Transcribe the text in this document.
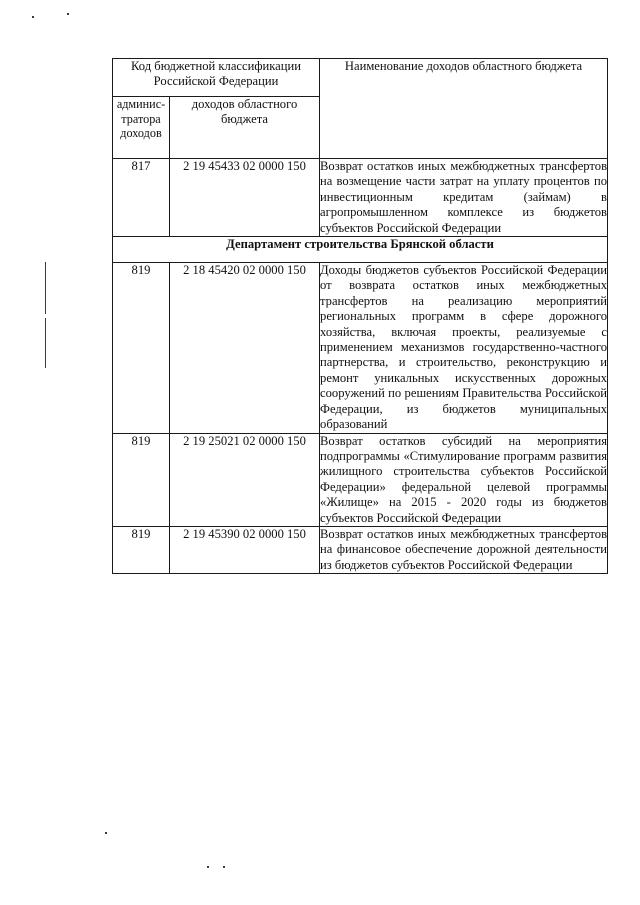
Код бюджетной классификации Российской Федерации		Наименование доходов областного бюджета
админис-тратора доходов	доходов областного бюджета	
817	2 19 45433 02 0000 150	Возврат остатков иных межбюджетных трансфертов на возмещение части затрат на уплату процентов по инвестиционным кредитам (займам) в агропромышленном комплексе из бюджетов субъектов Российской Федерации
Департамент строительства Брянской области		
819	2 18 45420 02 0000 150	Доходы бюджетов субъектов Российской Федерации от возврата остатков иных межбюджетных трансфертов на реализацию мероприятий региональных программ в сфере дорожного хозяйства, включая проекты, реализуемые с применением механизмов государственно-частного партнерства, и строительство, реконструкцию и ремонт уникальных искусственных дорожных сооружений по решениям Правительства Российской Федерации, из бюджетов муниципальных образований
819	2 19 25021 02 0000 150	Возврат остатков субсидий на мероприятия подпрограммы «Стимулирование программ развития жилищного строительства субъектов Российской Федерации» федеральной целевой программы «Жилище» на 2015 - 2020 годы из бюджетов субъектов Российской Федерации
819	2 19 45390 02 0000 150	Возврат остатков иных межбюджетных трансфертов на финансовое обеспечение дорожной деятельности из бюджетов субъектов Российской Федерации
